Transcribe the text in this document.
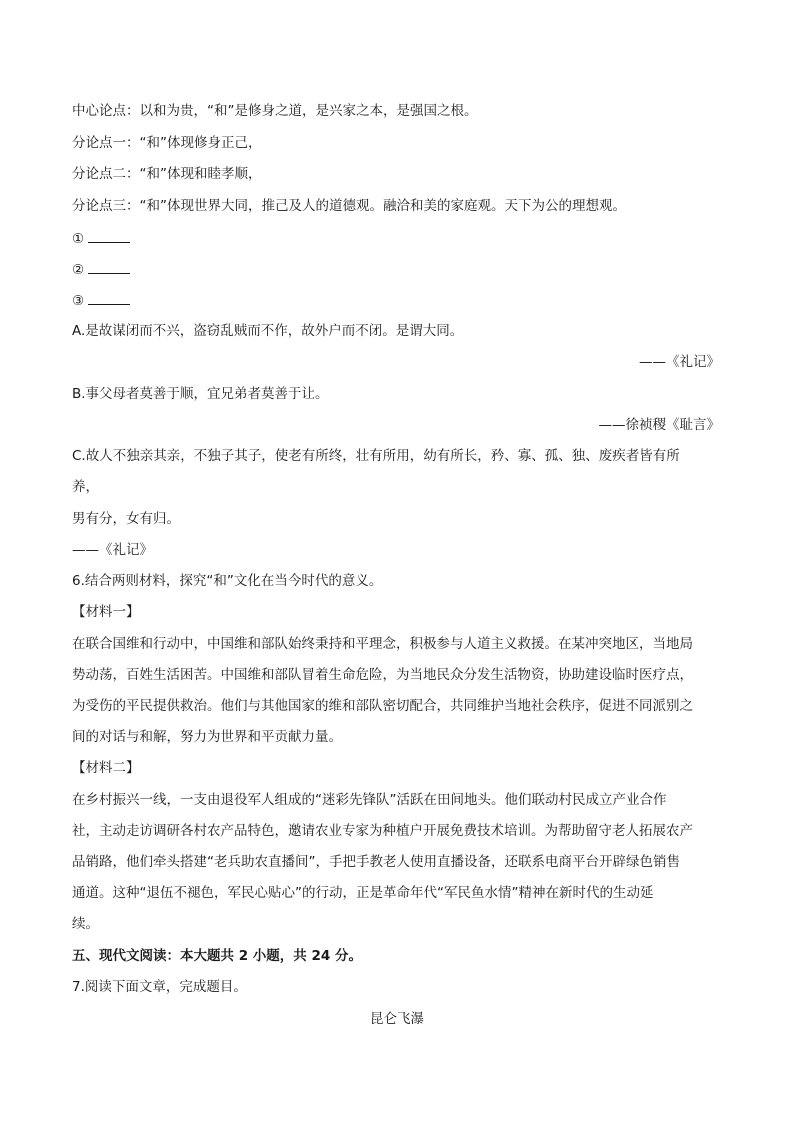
中心论点：以和为贵，“和”是修身之道，是兴家之本，是强国之根。
分论点一：“和”体现修身正己，
分论点二：“和”体现和睦孝顺，
分论点三：“和”体现世界大同，推己及人的道德观。融洽和美的家庭观。天下为公的理想观。
①
②
③
A.是故谋闭而不兴，盗窃乱贼而不作，故外户而不闭。是谓大同。
——《礼记》
B.事父母者莫善于顺，宜兄弟者莫善于让。
——徐祯稷《耻言》
C.故人不独亲其亲，不独子其子，使老有所终，壮有所用，幼有所长，矜、寡、孤、独、废疾者皆有所
养，
男有分，女有归。
——《礼记》
6.结合两则材料，探究“和”文化在当今时代的意义。
【材料一】
在联合国维和行动中，中国维和部队始终秉持和平理念，积极参与人道主义救援。在某冲突地区，当地局
势动荡，百姓生活困苦。中国维和部队冒着生命危险，为当地民众分发生活物资，协助建设临时医疗点，
为受伤的平民提供救治。他们与其他国家的维和部队密切配合，共同维护当地社会秩序，促进不同派别之
间的对话与和解，努力为世界和平贡献力量。
【材料二】
在乡村振兴一线，一支由退役军人组成的“迷彩先锋队”活跃在田间地头。他们联动村民成立产业合作
社，主动走访调研各村农产品特色，邀请农业专家为种植户开展免费技术培训。为帮助留守老人拓展农产
品销路，他们牵头搭建“老兵助农直播间”，手把手教老人使用直播设备，还联系电商平台开辟绿色销售
通道。这种“退伍不褪色，军民心贴心”的行动，正是革命年代“军民鱼水情”精神在新时代的生动延
续。
五、现代文阅读：本大题共 2 小题，共 24 分。
7.阅读下面文章，完成题目。
昆仑飞瀑
